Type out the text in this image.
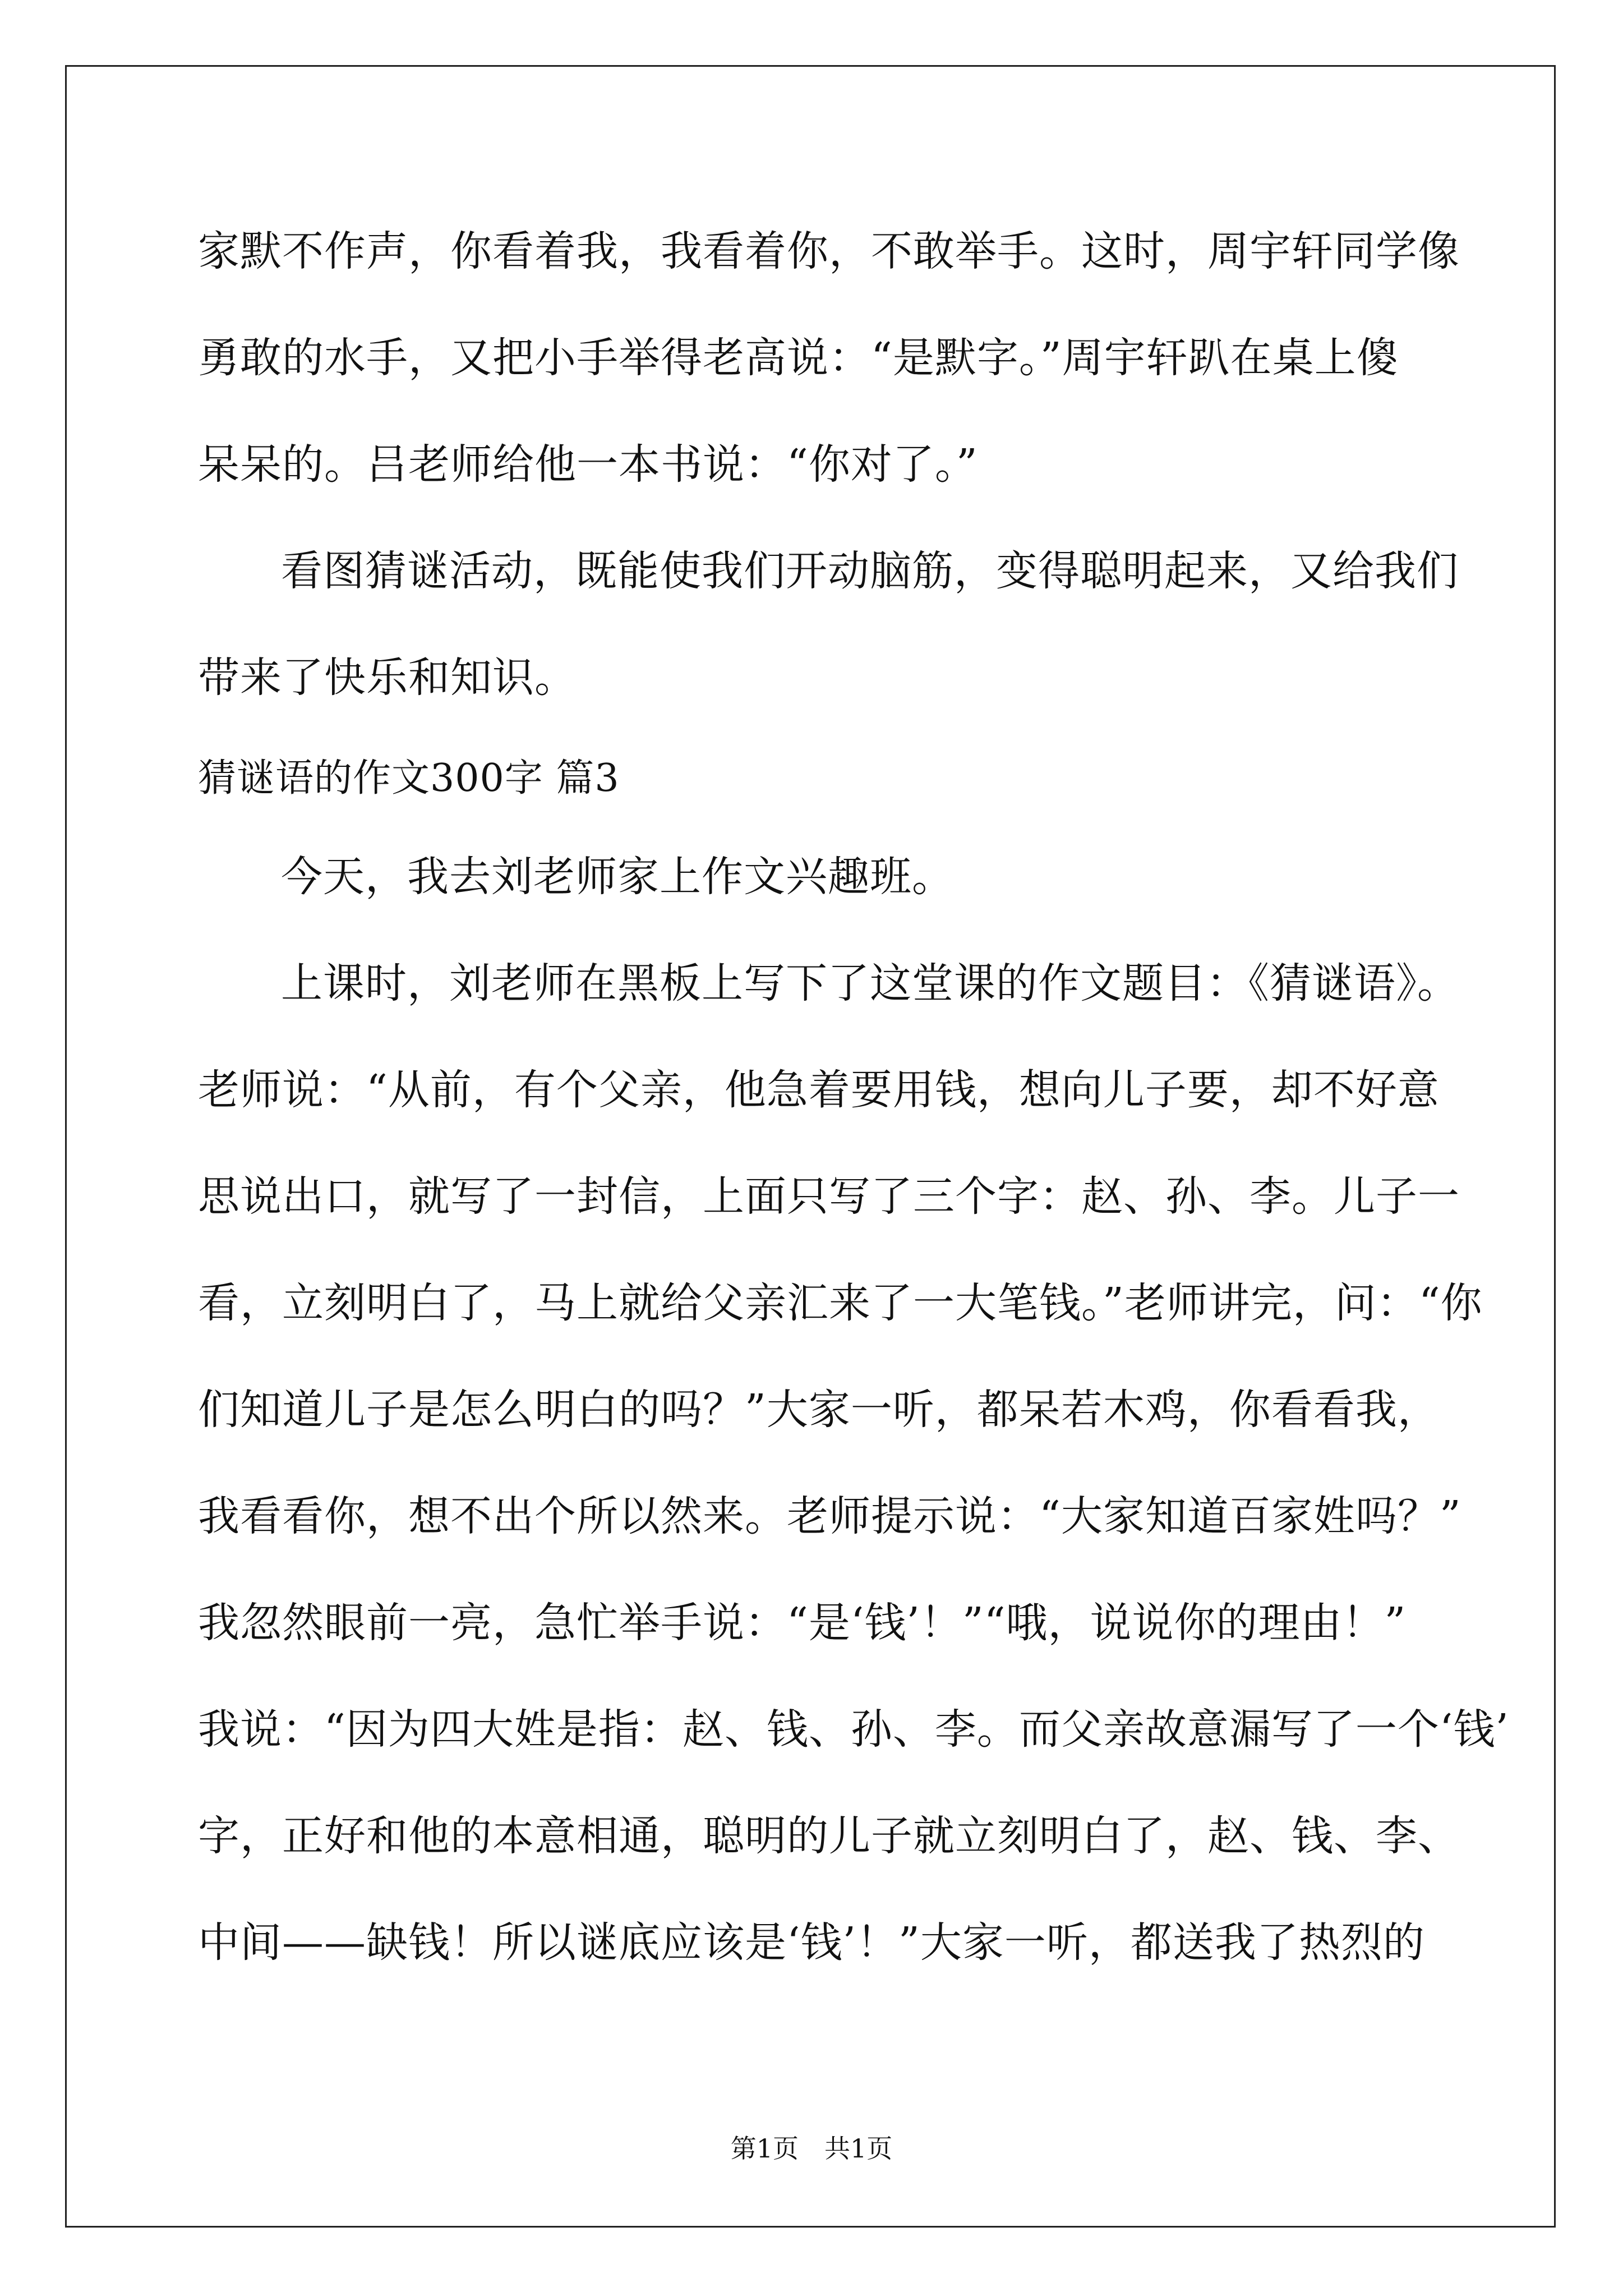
家默不作声，你看着我，我看着你，不敢举手。这时，周宇轩同学像
勇敢的水手，又把小手举得老高说：“是默字。”周宇轩趴在桌上傻
呆呆的。吕老师给他一本书说：“你对了。”
看图猜谜活动，既能使我们开动脑筋，变得聪明起来，又给我们
带来了快乐和知识。
猜谜语的作文300字 篇3
今天，我去刘老师家上作文兴趣班。
上课时，刘老师在黑板上写下了这堂课的作文题目：《猜谜语》。
老师说：“从前，有个父亲，他急着要用钱，想向儿子要，却不好意
思说出口，就写了一封信，上面只写了三个字：赵、孙、李。儿子一
看，立刻明白了，马上就给父亲汇来了一大笔钱。”老师讲完，问：“你
们知道儿子是怎么明白的吗？”大家一听，都呆若木鸡，你看看我，
我看看你，想不出个所以然来。老师提示说：“大家知道百家姓吗？”
我忽然眼前一亮，急忙举手说：“是‘钱’！”“哦，说说你的理由！”
我说：“因为四大姓是指：赵、钱、孙、李。而父亲故意漏写了一个‘钱’
字，正好和他的本意相通，聪明的儿子就立刻明白了，赵、钱、李、
中间——缺钱！所以谜底应该是‘钱’！”大家一听，都送我了热烈的
第1页　共1页
